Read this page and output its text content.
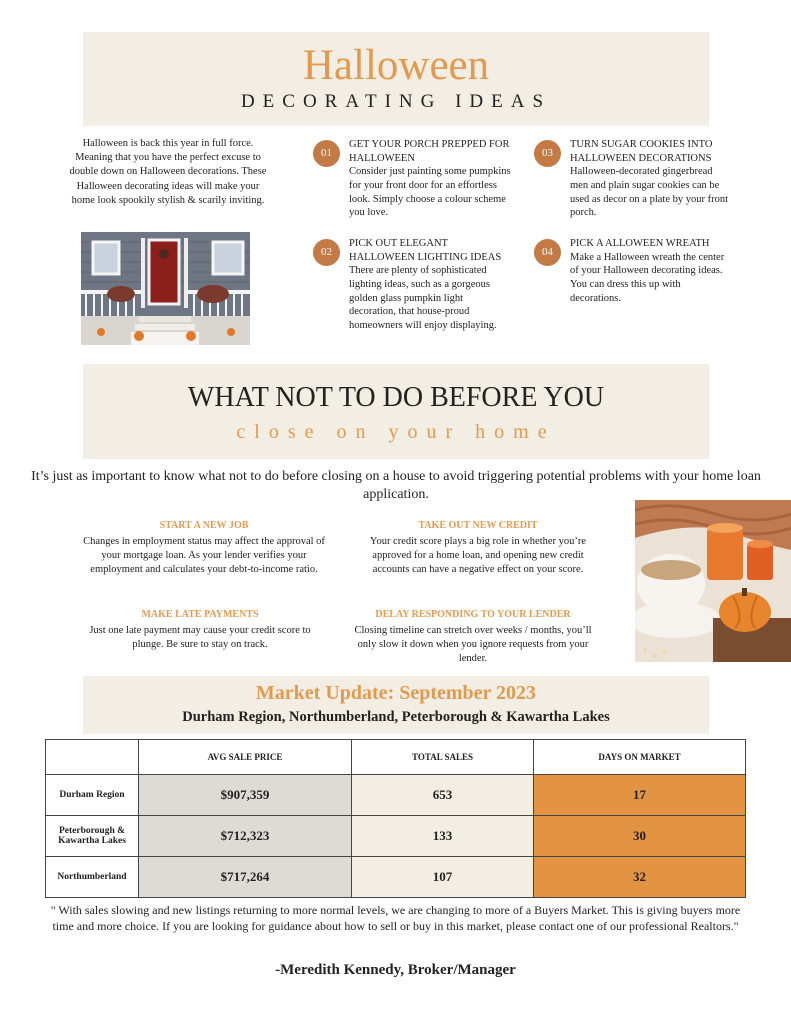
Halloween
DECORATING IDEAS
Halloween is back this year in full force. Meaning that you have the perfect excuse to double down on Halloween decorations. These Halloween decorating ideas will make your home look spookily stylish & scarily inviting.
01
GET YOUR PORCH PREPPED FOR HALLOWEEN
Consider just painting some pumpkins for your front door for an effortless look. Simply choose a colour scheme you love.
02
PICK OUT ELEGANT HALLOWEEN LIGHTING IDEAS
There are plenty of sophisticated lighting ideas, such as a gorgeous golden glass pumpkin light decoration, that house-proud homeowners will enjoy displaying.
03
TURN SUGAR COOKIES INTO HALLOWEEN DECORATIONS
Halloween-decorated gingerbread men and plain sugar cookies can be used as decor on a plate by your front porch.
04
PICK A ALLOWEEN WREATH
Make a Halloween wreath the center of your Halloween decorating ideas. You can dress this up with decorations.
WHAT NOT TO DO BEFORE YOU
close on your home
It’s just as important to know what not to do before closing on a house to avoid triggering potential problems with your home loan application.
START A NEW JOB
Changes in employment status may affect the approval of your mortgage loan. As your lender verifies your employment and calculates your debt-to-income ratio.
TAKE OUT NEW CREDIT
Your credit score plays a big role in whether you’re approved for a home loan, and opening new credit accounts can have a negative effect on your score.
MAKE LATE PAYMENTS
Just one late payment may cause your credit score to plunge. Be sure to stay on track.
DELAY RESPONDING TO YOUR LENDER
Closing timeline can stretch over weeks / months, you’ll only slow it down when you ignore requests from your lender.
Market Update: September 2023
Durham Region, Northumberland, Peterborough & Kawartha Lakes
	AVG SALE PRICE	TOTAL SALES	DAYS ON MARKET
Durham Region	$907,359	653	17
Peterborough & Kawartha Lakes	$712,323	133	30
Northumberland	$717,264	107	32
" With sales slowing and new listings returning to more normal levels, we are changing to more of a Buyers Market. This is giving buyers more time and more choice. If you are looking for guidance about how to sell or buy in this market, please contact one of our professional Realtors."
-Meredith Kennedy, Broker/Manager
